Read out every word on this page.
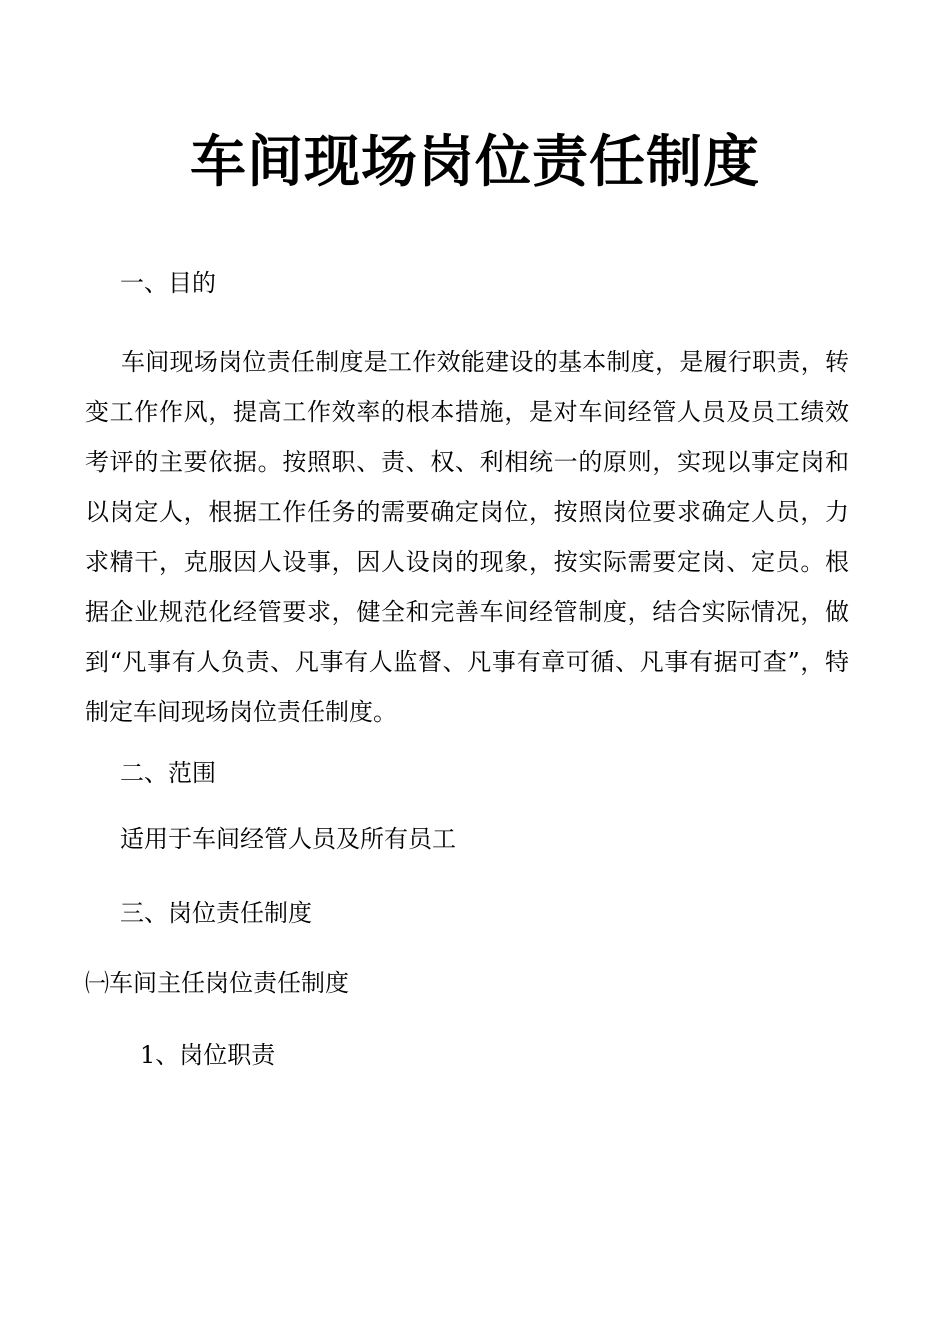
车间现场岗位责任制度
一、目的

车间现场岗位责任制度是工作效能建设的基本制度，是履行职责，转变工作作风，提高工作效率的根本措施，是对车间经管人员及员工绩效考评的主要依据。按照职、责、权、利相统一的原则，实现以事定岗和以岗定人，根据工作任务的需要确定岗位，按照岗位要求确定人员，力求精干，克服因人设事，因人设岗的现象，按实际需要定岗、定员。根据企业规范化经管要求，健全和完善车间经管制度，结合实际情况，做到“凡事有人负责、凡事有人监督、凡事有章可循、凡事有据可查”，特制定车间现场岗位责任制度。

二、范围
适用于车间经管人员及所有员工
三、岗位责任制度
㈠车间主任岗位责任制度
1、岗位职责
